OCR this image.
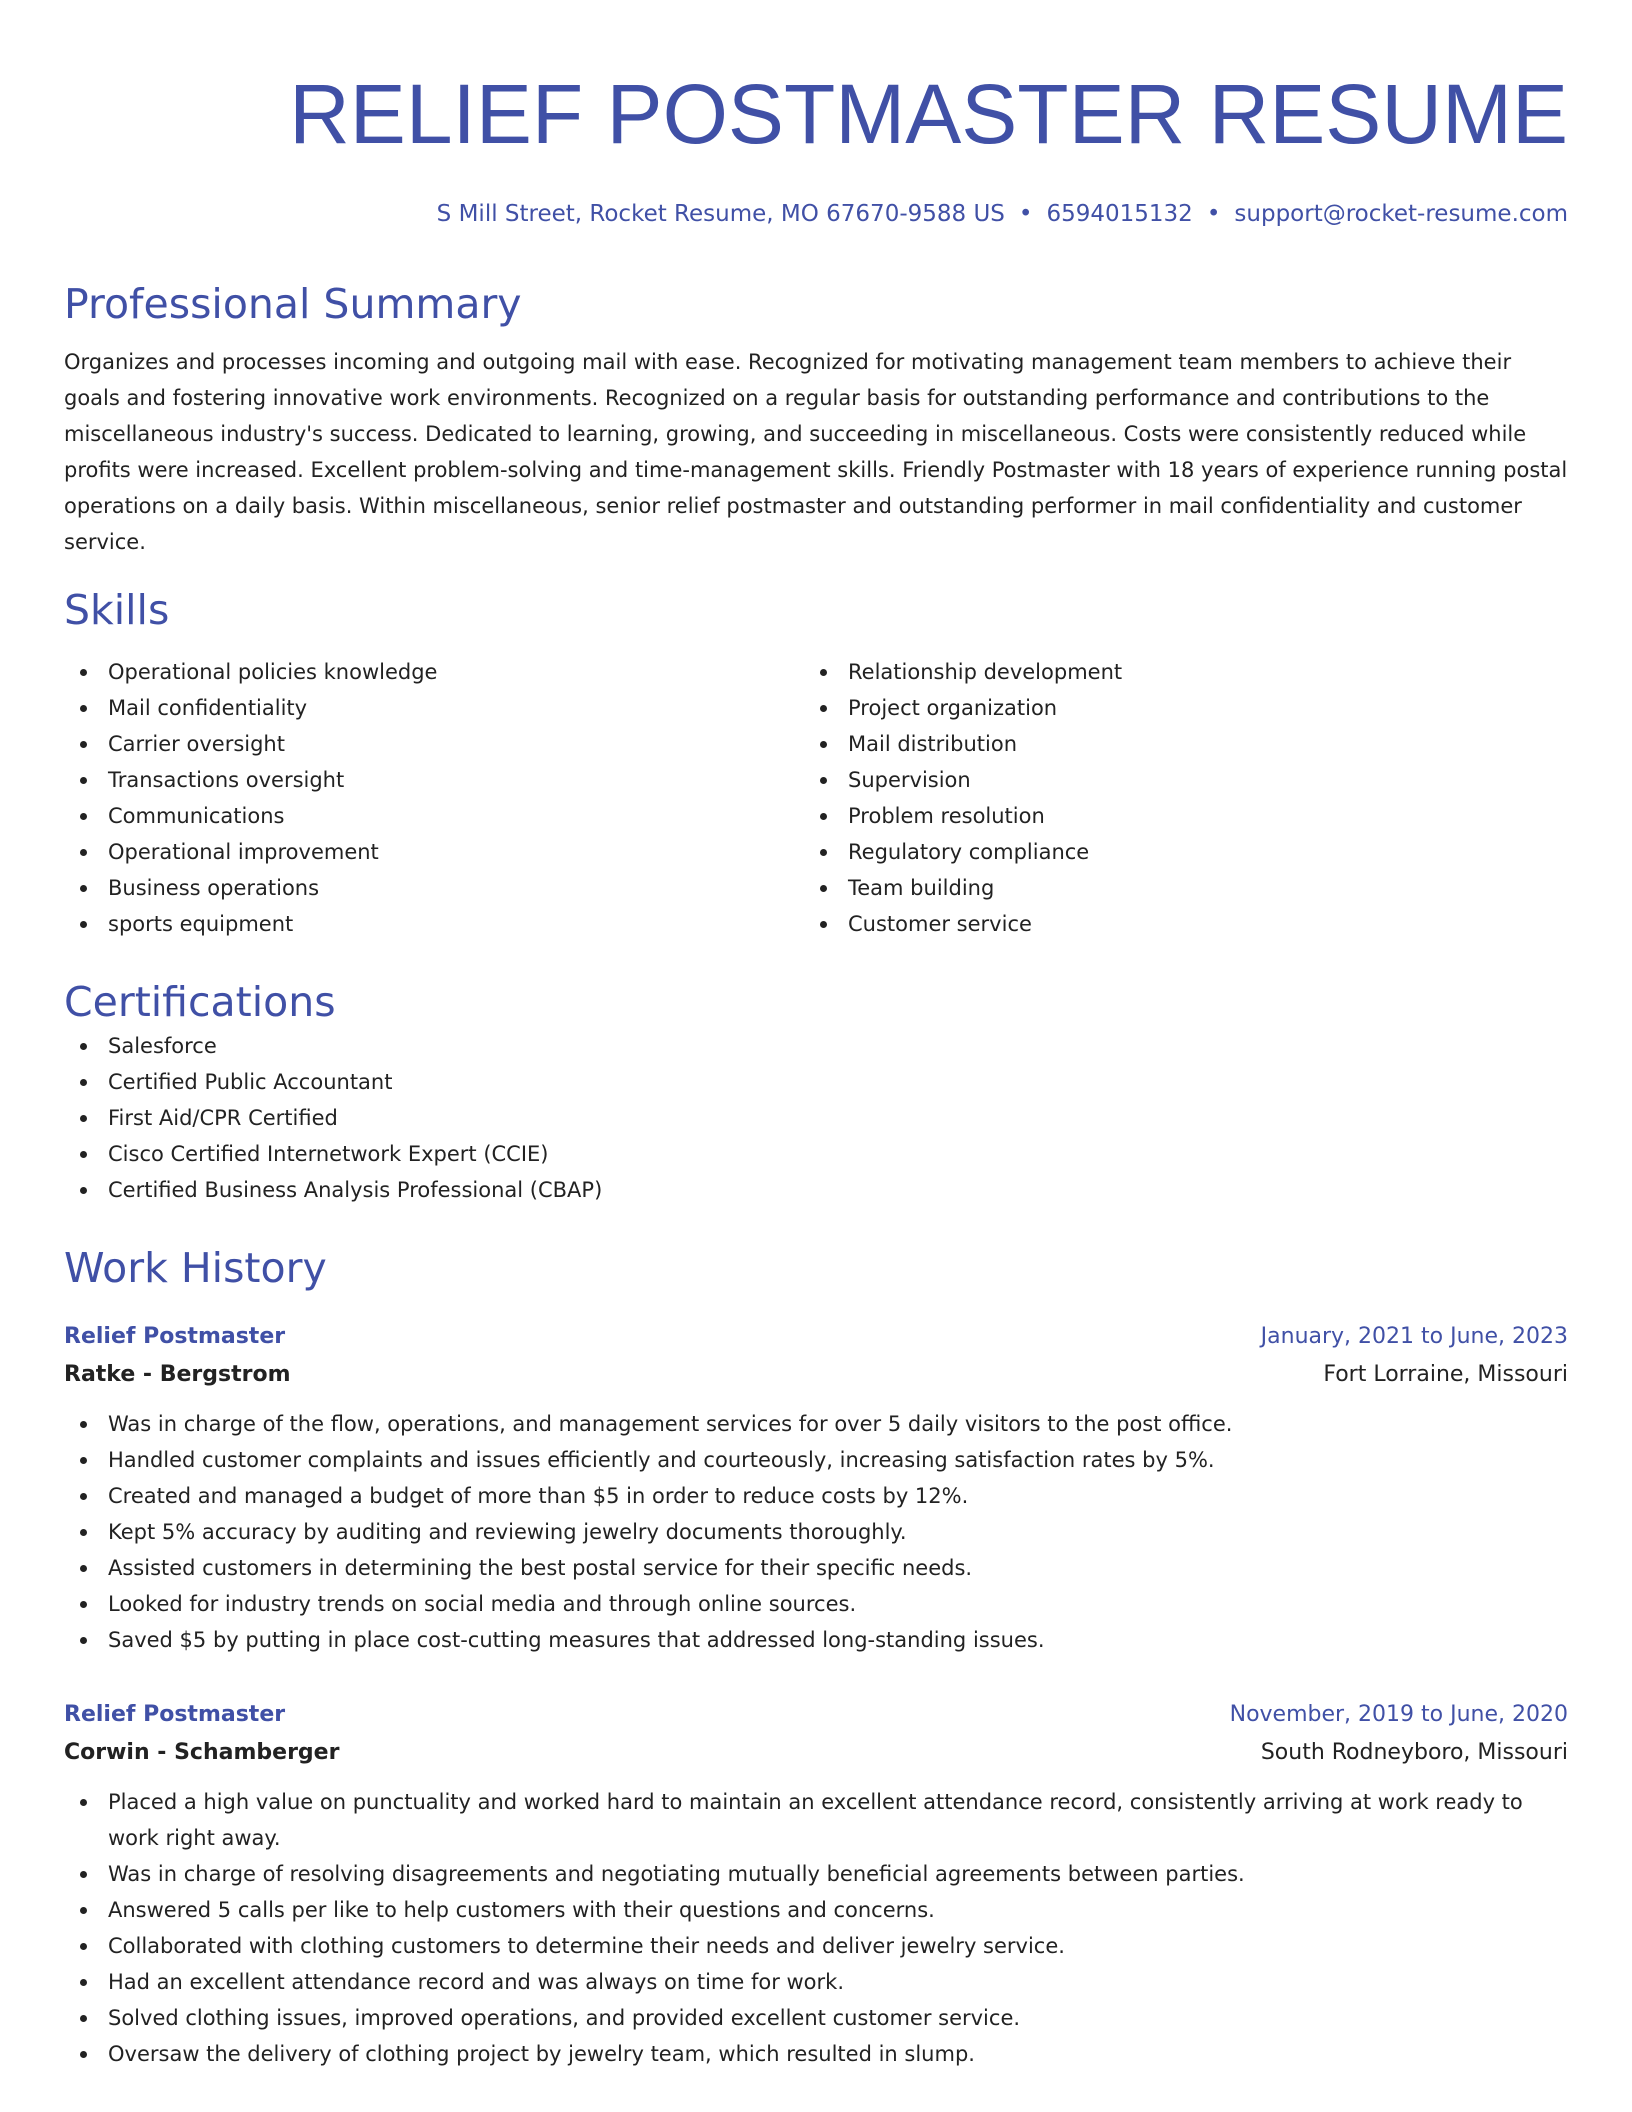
RELIEF POSTMASTER RESUME
S Mill Street, Rocket Resume, MO 67670-9588 US • 6594015132 • support@rocket-resume.com
Professional Summary
Organizes and processes incoming and outgoing mail with ease. Recognized for motivating management team members to achieve their goals and fostering innovative work environments. Recognized on a regular basis for outstanding performance and contributions to the miscellaneous industry's success. Dedicated to learning, growing, and succeeding in miscellaneous. Costs were consistently reduced while profits were increased. Excellent problem-solving and time-management skills. Friendly Postmaster with 18 years of experience running postal operations on a daily basis. Within miscellaneous, senior relief postmaster and outstanding performer in mail confidentiality and customer service.
Skills
Operational policies knowledge
Mail confidentiality
Carrier oversight
Transactions oversight
Communications
Operational improvement
Business operations
sports equipment
Relationship development
Project organization
Mail distribution
Supervision
Problem resolution
Regulatory compliance
Team building
Customer service
Certifications
Salesforce
Certified Public Accountant
First Aid/CPR Certified
Cisco Certified Internetwork Expert (CCIE)
Certified Business Analysis Professional (CBAP)
Work History
Relief Postmaster	January, 2021 to June, 2023
Ratke - Bergstrom	Fort Lorraine, Missouri
Was in charge of the flow, operations, and management services for over 5 daily visitors to the post office.
Handled customer complaints and issues efficiently and courteously, increasing satisfaction rates by 5%.
Created and managed a budget of more than $5 in order to reduce costs by 12%.
Kept 5% accuracy by auditing and reviewing jewelry documents thoroughly.
Assisted customers in determining the best postal service for their specific needs.
Looked for industry trends on social media and through online sources.
Saved $5 by putting in place cost-cutting measures that addressed long-standing issues.
Relief Postmaster	November, 2019 to June, 2020
Corwin - Schamberger	South Rodneyboro, Missouri
Placed a high value on punctuality and worked hard to maintain an excellent attendance record, consistently arriving at work ready to work right away.
Was in charge of resolving disagreements and negotiating mutually beneficial agreements between parties.
Answered 5 calls per like to help customers with their questions and concerns.
Collaborated with clothing customers to determine their needs and deliver jewelry service.
Had an excellent attendance record and was always on time for work.
Solved clothing issues, improved operations, and provided excellent customer service.
Oversaw the delivery of clothing project by jewelry team, which resulted in slump.
